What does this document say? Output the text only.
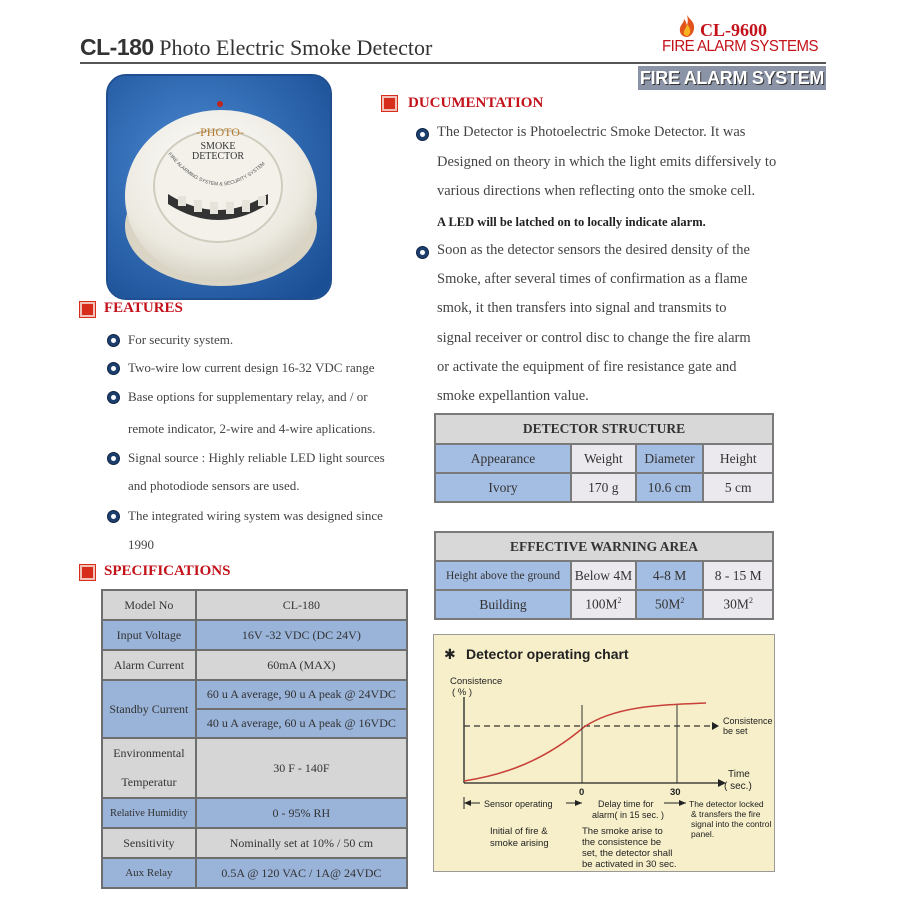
CL-180 Photo Electric Smoke Detector
CL-9600
FIRE ALARM SYSTEMS
FIRE ALARM SYSTEM
-PHOTO-
SMOKE
DETECTOR
FIRE ALARMING SYSTEM & SECURITY SYSTEM
DUCUMENTATION
The Detector is Photoelectric Smoke Detector. It was
Designed on theory in which the light emits differsively to
various directions when reflecting onto the smoke cell.
A LED will be latched on to locally indicate alarm.
Soon as the detector sensors the desired density of the
Smoke, after several times of confirmation as a flame
smok, it then transfers into signal and transmits to
signal receiver or control disc to change the fire alarm
or activate the equipment of fire resistance gate and
smoke expellantion value.
FEATURES
For security system.
Two-wire low current design 16-32 VDC range
Base options for supplementary relay, and / or
remote indicator, 2-wire and 4-wire aplications.
Signal source : Highly reliable LED light sources
and photodiode sensors are used.
The integrated wiring system was designed since
1990
SPECIFICATIONS
Model No	CL-180
Input Voltage	16V -32 VDC (DC 24V)
Alarm Current	60mA (MAX)
Standby Current	60 u A average, 90 u A peak @ 24VDC
	40 u A average, 60 u A peak @ 16VDC

Environmental
Temperatur	30 F - 140F
Relative Humidity	0 - 95% RH
Sensitivity	Nominally set at 10% / 50 cm
Aux Relay	0.5A @ 120 VAC / 1A@ 24VDC
DETECTOR STRUCTURE			
Appearance	Weight	Diameter	Height
Ivory	170 g	10.6 cm	5 cm
EFFECTIVE WARNING AREA			
Height above the ground	Below 4M	4-8 M	8 - 15 M
Building	$100M^2$	$50M^2$	$30M^2$
✱ Detector operating chart
Consistence
( % )
Consistence
be set
0	30
Time
( sec.)
Sensor operating	Delay time for
alarm( in 15 sec. )
The detector locked
& transfers the fire
signal into the control
panel.
Initial of fire &
smoke arising
The smoke arise to
the consistence be
set, the detector shall
be activated in 30 sec.
